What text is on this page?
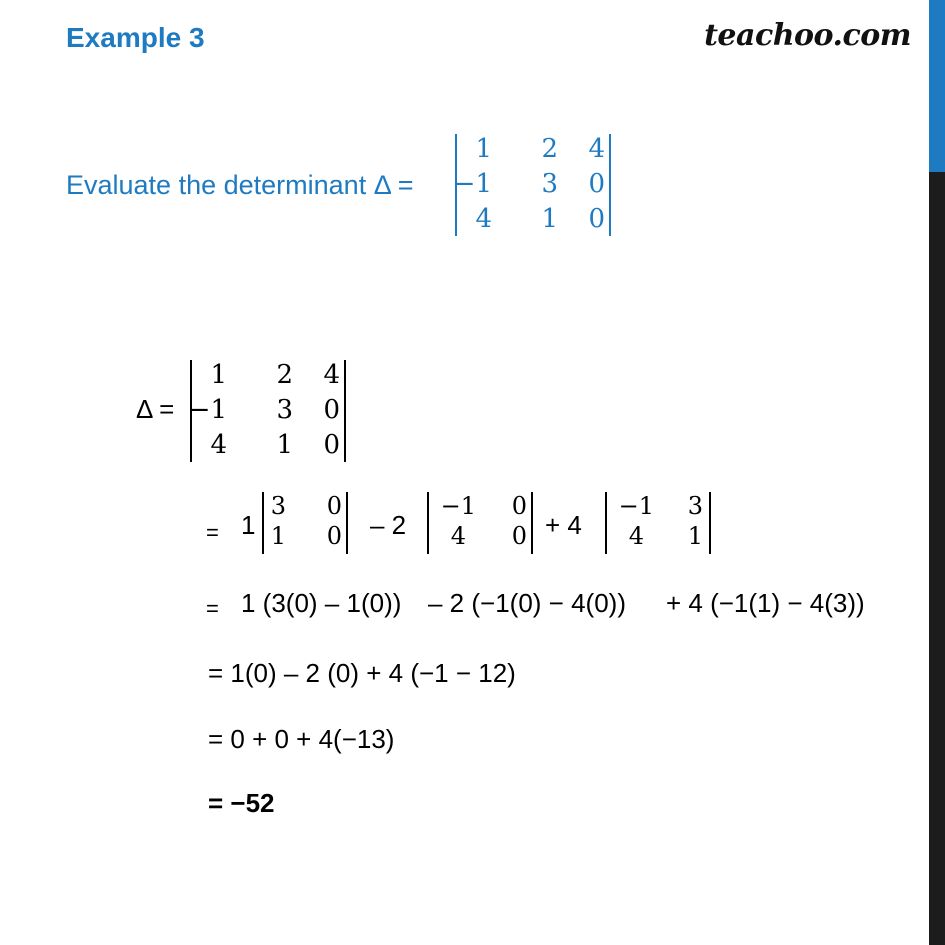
Example 3	teachoo.com
Evaluate the determinant Δ =
1 2 4
−1 3 0
4 1 0
Δ =
1 2 4
−1 3 0
4 1 0
= 1
3 0
1 0 – 2
−1 0
4 0 + 4
−1 3
4 1
= 1 (3(0) – 1(0)) – 2 (−1(0) − 4(0)) + 4 (−1(1) − 4(3))
= 1(0) – 2 (0) + 4 (−1 − 12)
= 0 + 0 + 4(−13)
= −52
